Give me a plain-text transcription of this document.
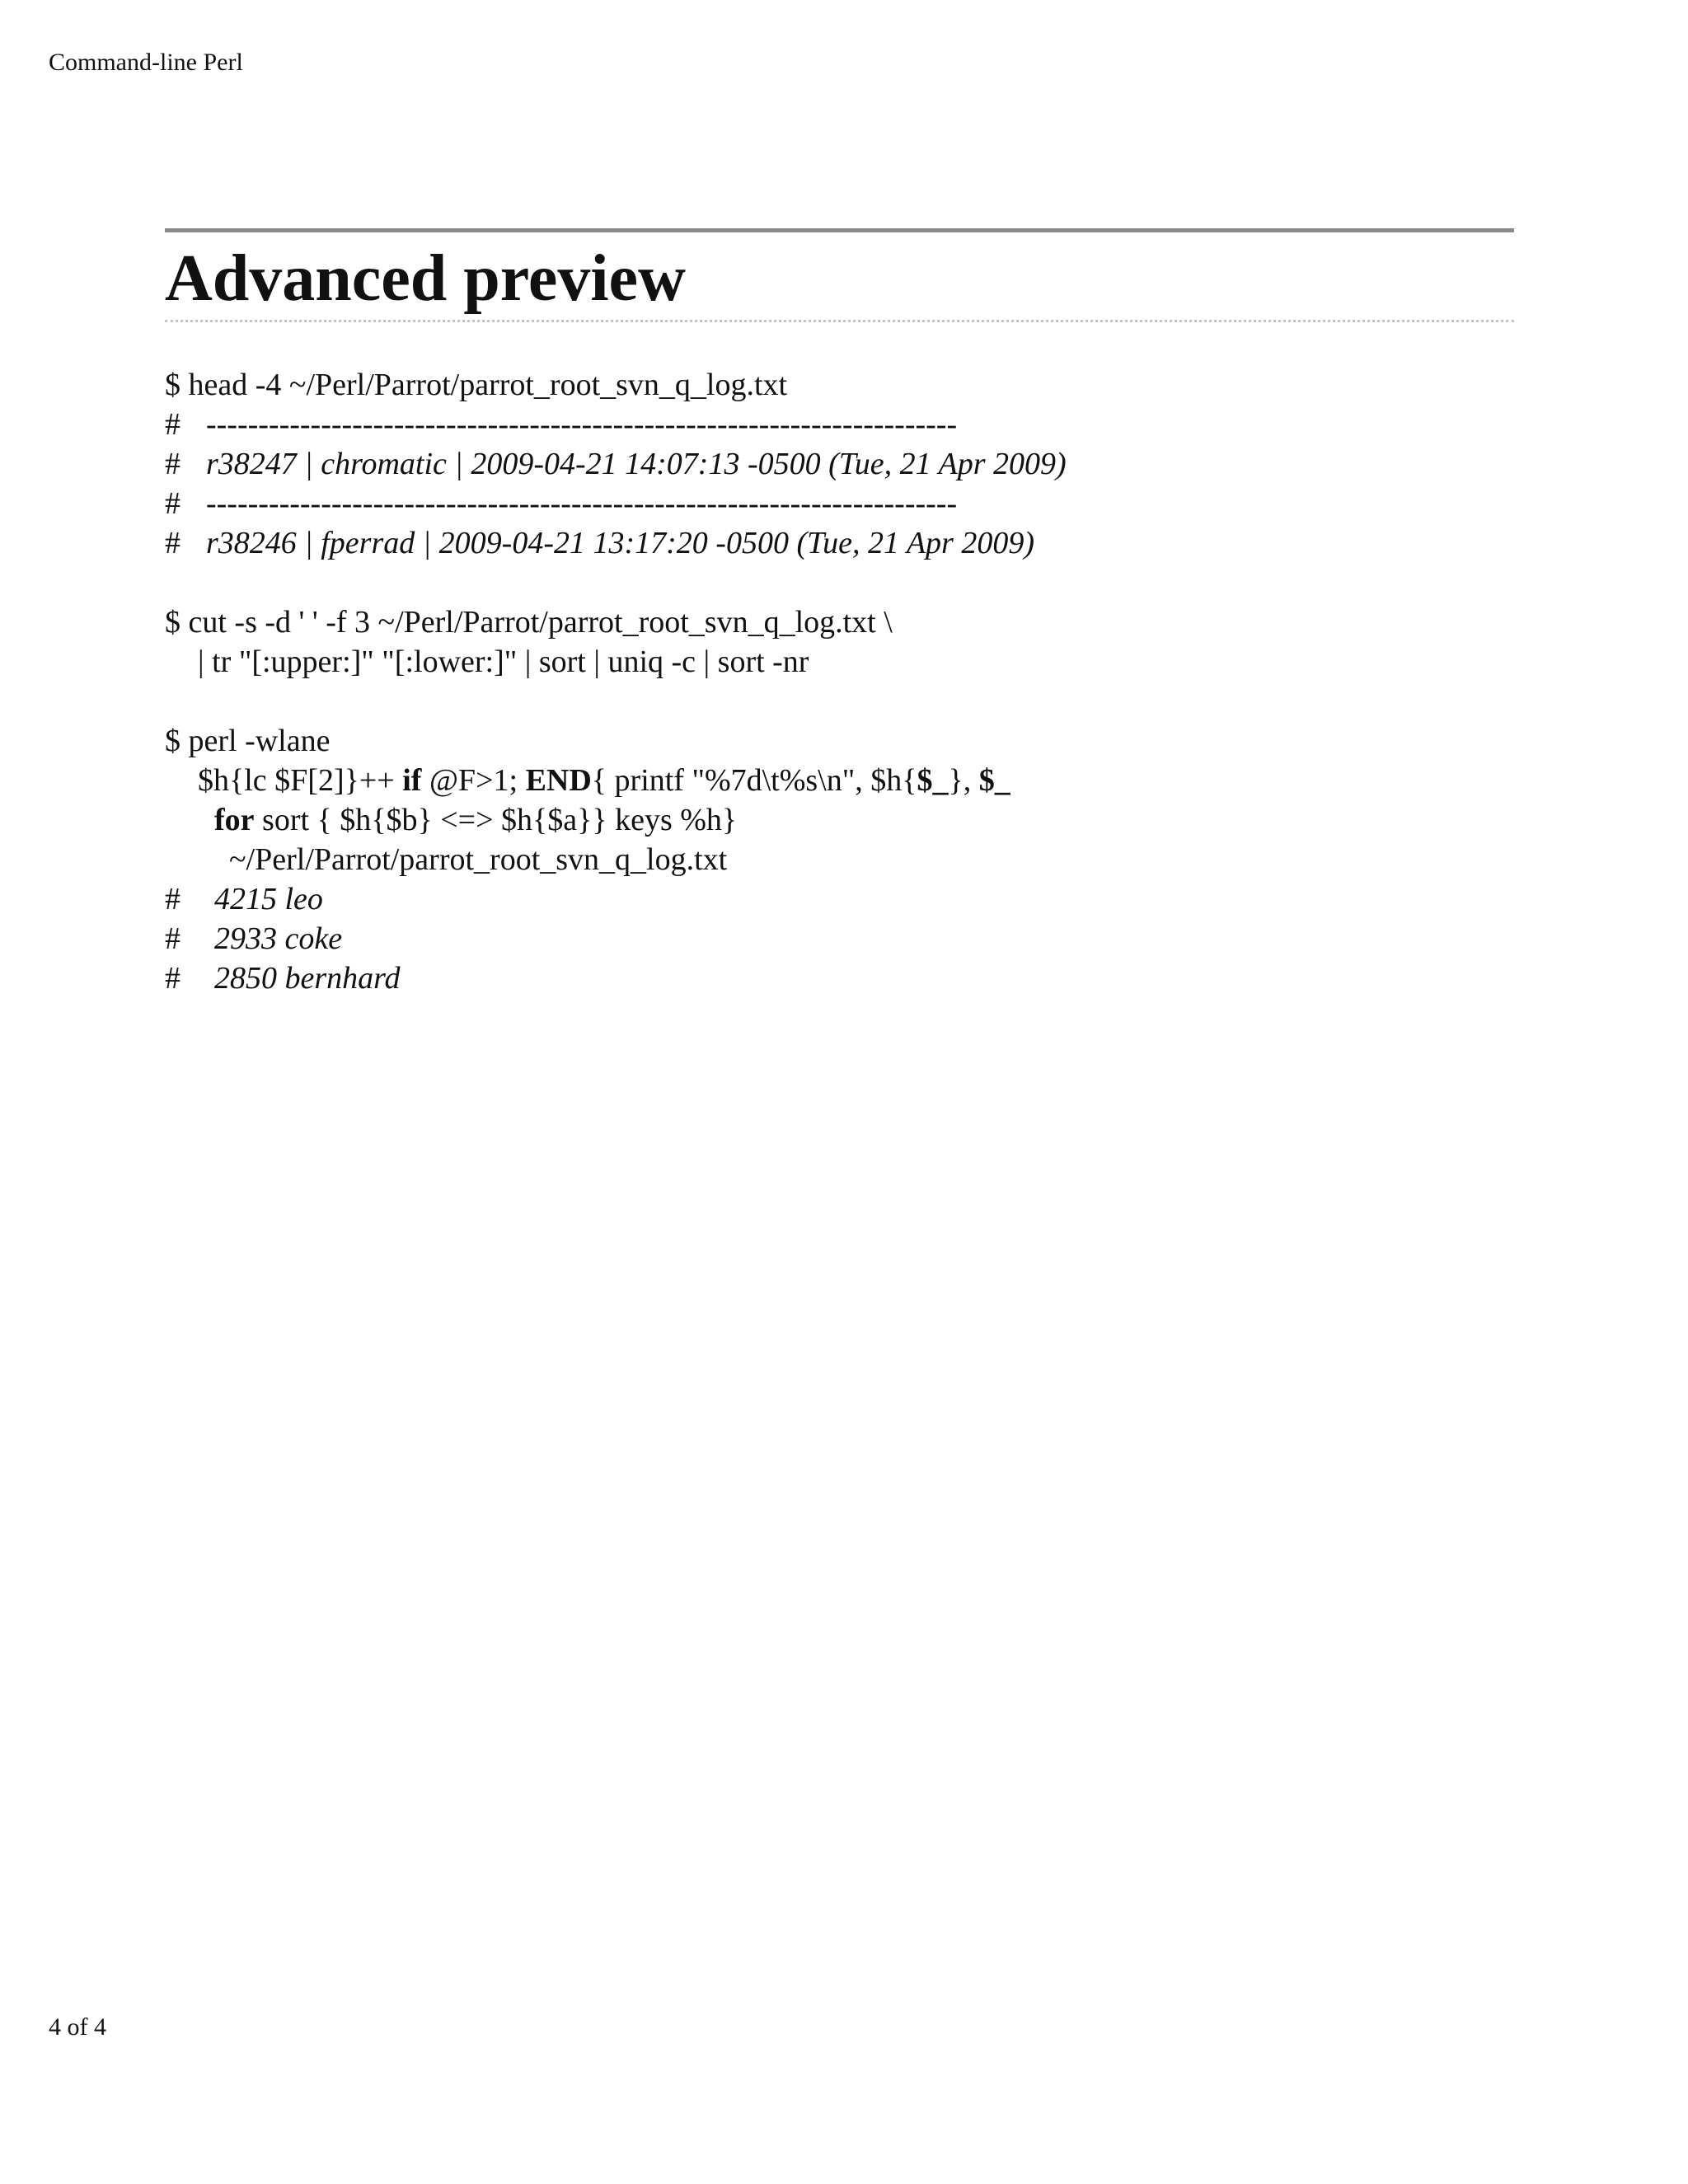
Command-line Perl
Advanced preview
$ head -4 ~/Perl/Parrot/parrot_root_svn_q_log.txt
# ------------------------------------------------------------------------
# r38247 | chromatic | 2009-04-21 14:07:13 -0500 (Tue, 21 Apr 2009)
# ------------------------------------------------------------------------
# r38246 | fperrad | 2009-04-21 13:17:20 -0500 (Tue, 21 Apr 2009)
$ cut -s -d ' ' -f 3 ~/Perl/Parrot/parrot_root_svn_q_log.txt \
| tr "[:upper:]" "[:lower:]" | sort | uniq -c | sort -nr
$ perl -wlane
$h{lc $F[2]}++ if @F>1; END{ printf "%7d\t%s\n", $h{$_}, $_
for sort { $h{$b} <=> $h{$a}} keys %h}
~/Perl/Parrot/parrot_root_svn_q_log.txt
# 4215 leo
# 2933 coke
# 2850 bernhard
4 of 4
